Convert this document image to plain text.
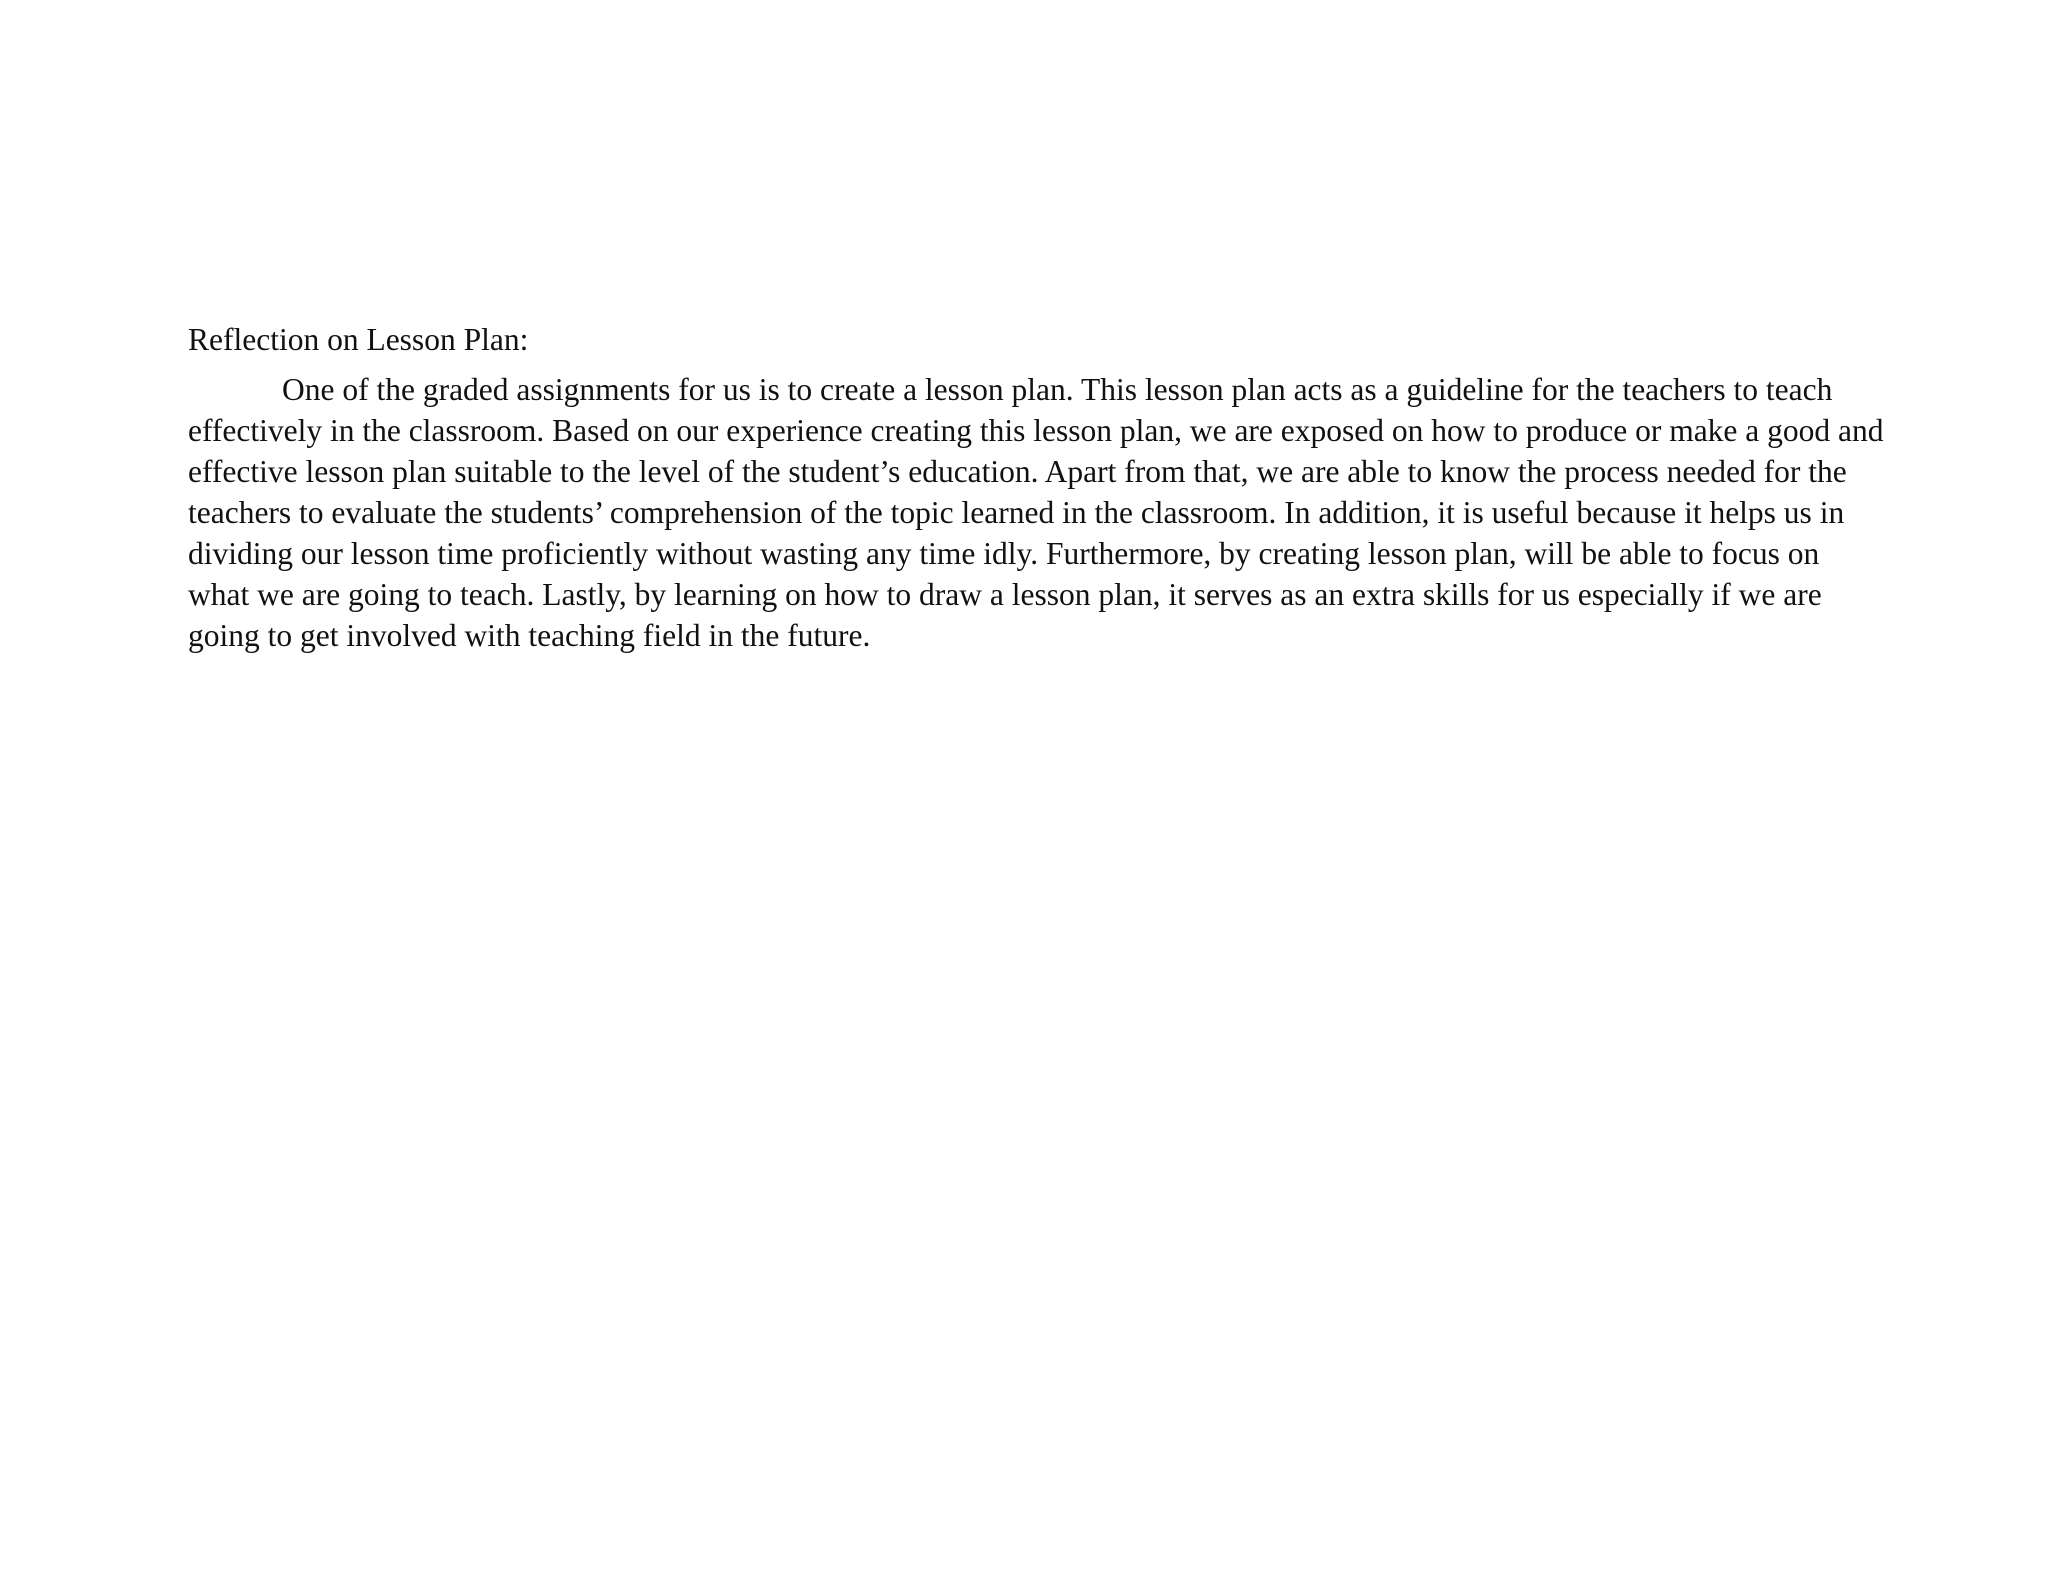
Reflection on Lesson Plan:

One of the graded assignments for us is to create a lesson plan. This lesson plan acts as a guideline for the teachers to teach effectively in the classroom. Based on our experience creating this lesson plan, we are exposed on how to produce or make a good and effective lesson plan suitable to the level of the student’s education. Apart from that, we are able to know the process needed for the teachers to evaluate the students’ comprehension of the topic learned in the classroom. In addition, it is useful because it helps us in dividing our lesson time proficiently without wasting any time idly. Furthermore, by creating lesson plan, will be able to focus on what we are going to teach. Lastly, by learning on how to draw a lesson plan, it serves as an extra skills for us especially if we are going to get involved with teaching field in the future.
